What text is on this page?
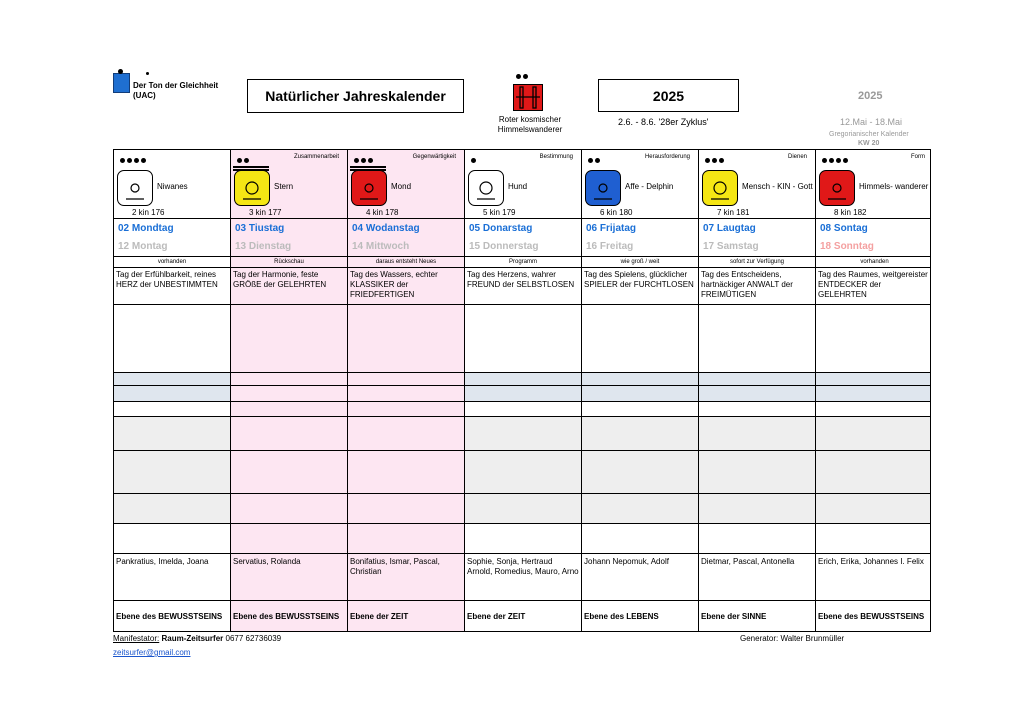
Der Ton der Gleichheit
(UAC)	Natürlicher Jahreskalender
Roter kosmischer
Himmelswanderer
2025
2.6. - 8.6. '28er Zyklus'
2025
12.Mai - 18.Mai
Gregorianischer Kalender
KW 20
Niwanes
2 kin 176
02 Mondtag
12 Montag
vorhanden
Tag der Erfühlbarkeit, reines HERZ der UNBESTIMMTEN
Pankratius, Imelda, Joana
Ebene des BEWUSSTSEINS
Zusammenarbeit
Stern
3 kin 177
03 Tiustag
13 Dienstag
Rückschau
Tag der Harmonie, feste GRÖßE der GELEHRTEN
Servatius, Rolanda
Ebene des BEWUSSTSEINS
Gegenwärtigkeit
Mond
4 kin 178
04 Wodanstag
14 Mittwoch
daraus entsteht Neues
Tag des Wassers, echter KLASSIKER der FRIEDFERTIGEN
Bonifatius, Ismar, Pascal, Christian
Ebene der ZEIT
Bestimmung
Hund
5 kin 179
05 Donarstag
15 Donnerstag
Programm
Tag des Herzens, wahrer FREUND der SELBSTLOSEN
Sophie, Sonja, Hertraud Arnold, Romedius, Mauro, Arno
Ebene der ZEIT
Herausforderung
Affe - Delphin
6 kin 180
06 Frijatag
16 Freitag
wie groß / weit
Tag des Spielens, glücklicher SPIELER der FURCHTLOSEN
Johann Nepomuk, Adolf
Ebene des LEBENS
Dienen
Mensch - KIN - Gott
7 kin 181
07 Laugtag
17 Samstag
sofort zur Verfügung
Tag des Entscheidens, hartnäckiger ANWALT der FREIMÜTIGEN
Dietmar, Pascal, Antonella
Ebene der SINNE
Form
Himmels- wanderer
8 kin 182
08 Sontag
18 Sonntag
vorhanden
Tag des Raumes, weitgereister ENTDECKER der GELEHRTEN
Erich, Erika, Johannes I. Felix
Ebene des BEWUSSTSEINS
Manifestator: Raum-Zeitsurfer 0677 62736039
zeitsurfer@gmail.com
Generator: Walter Brunmüller
